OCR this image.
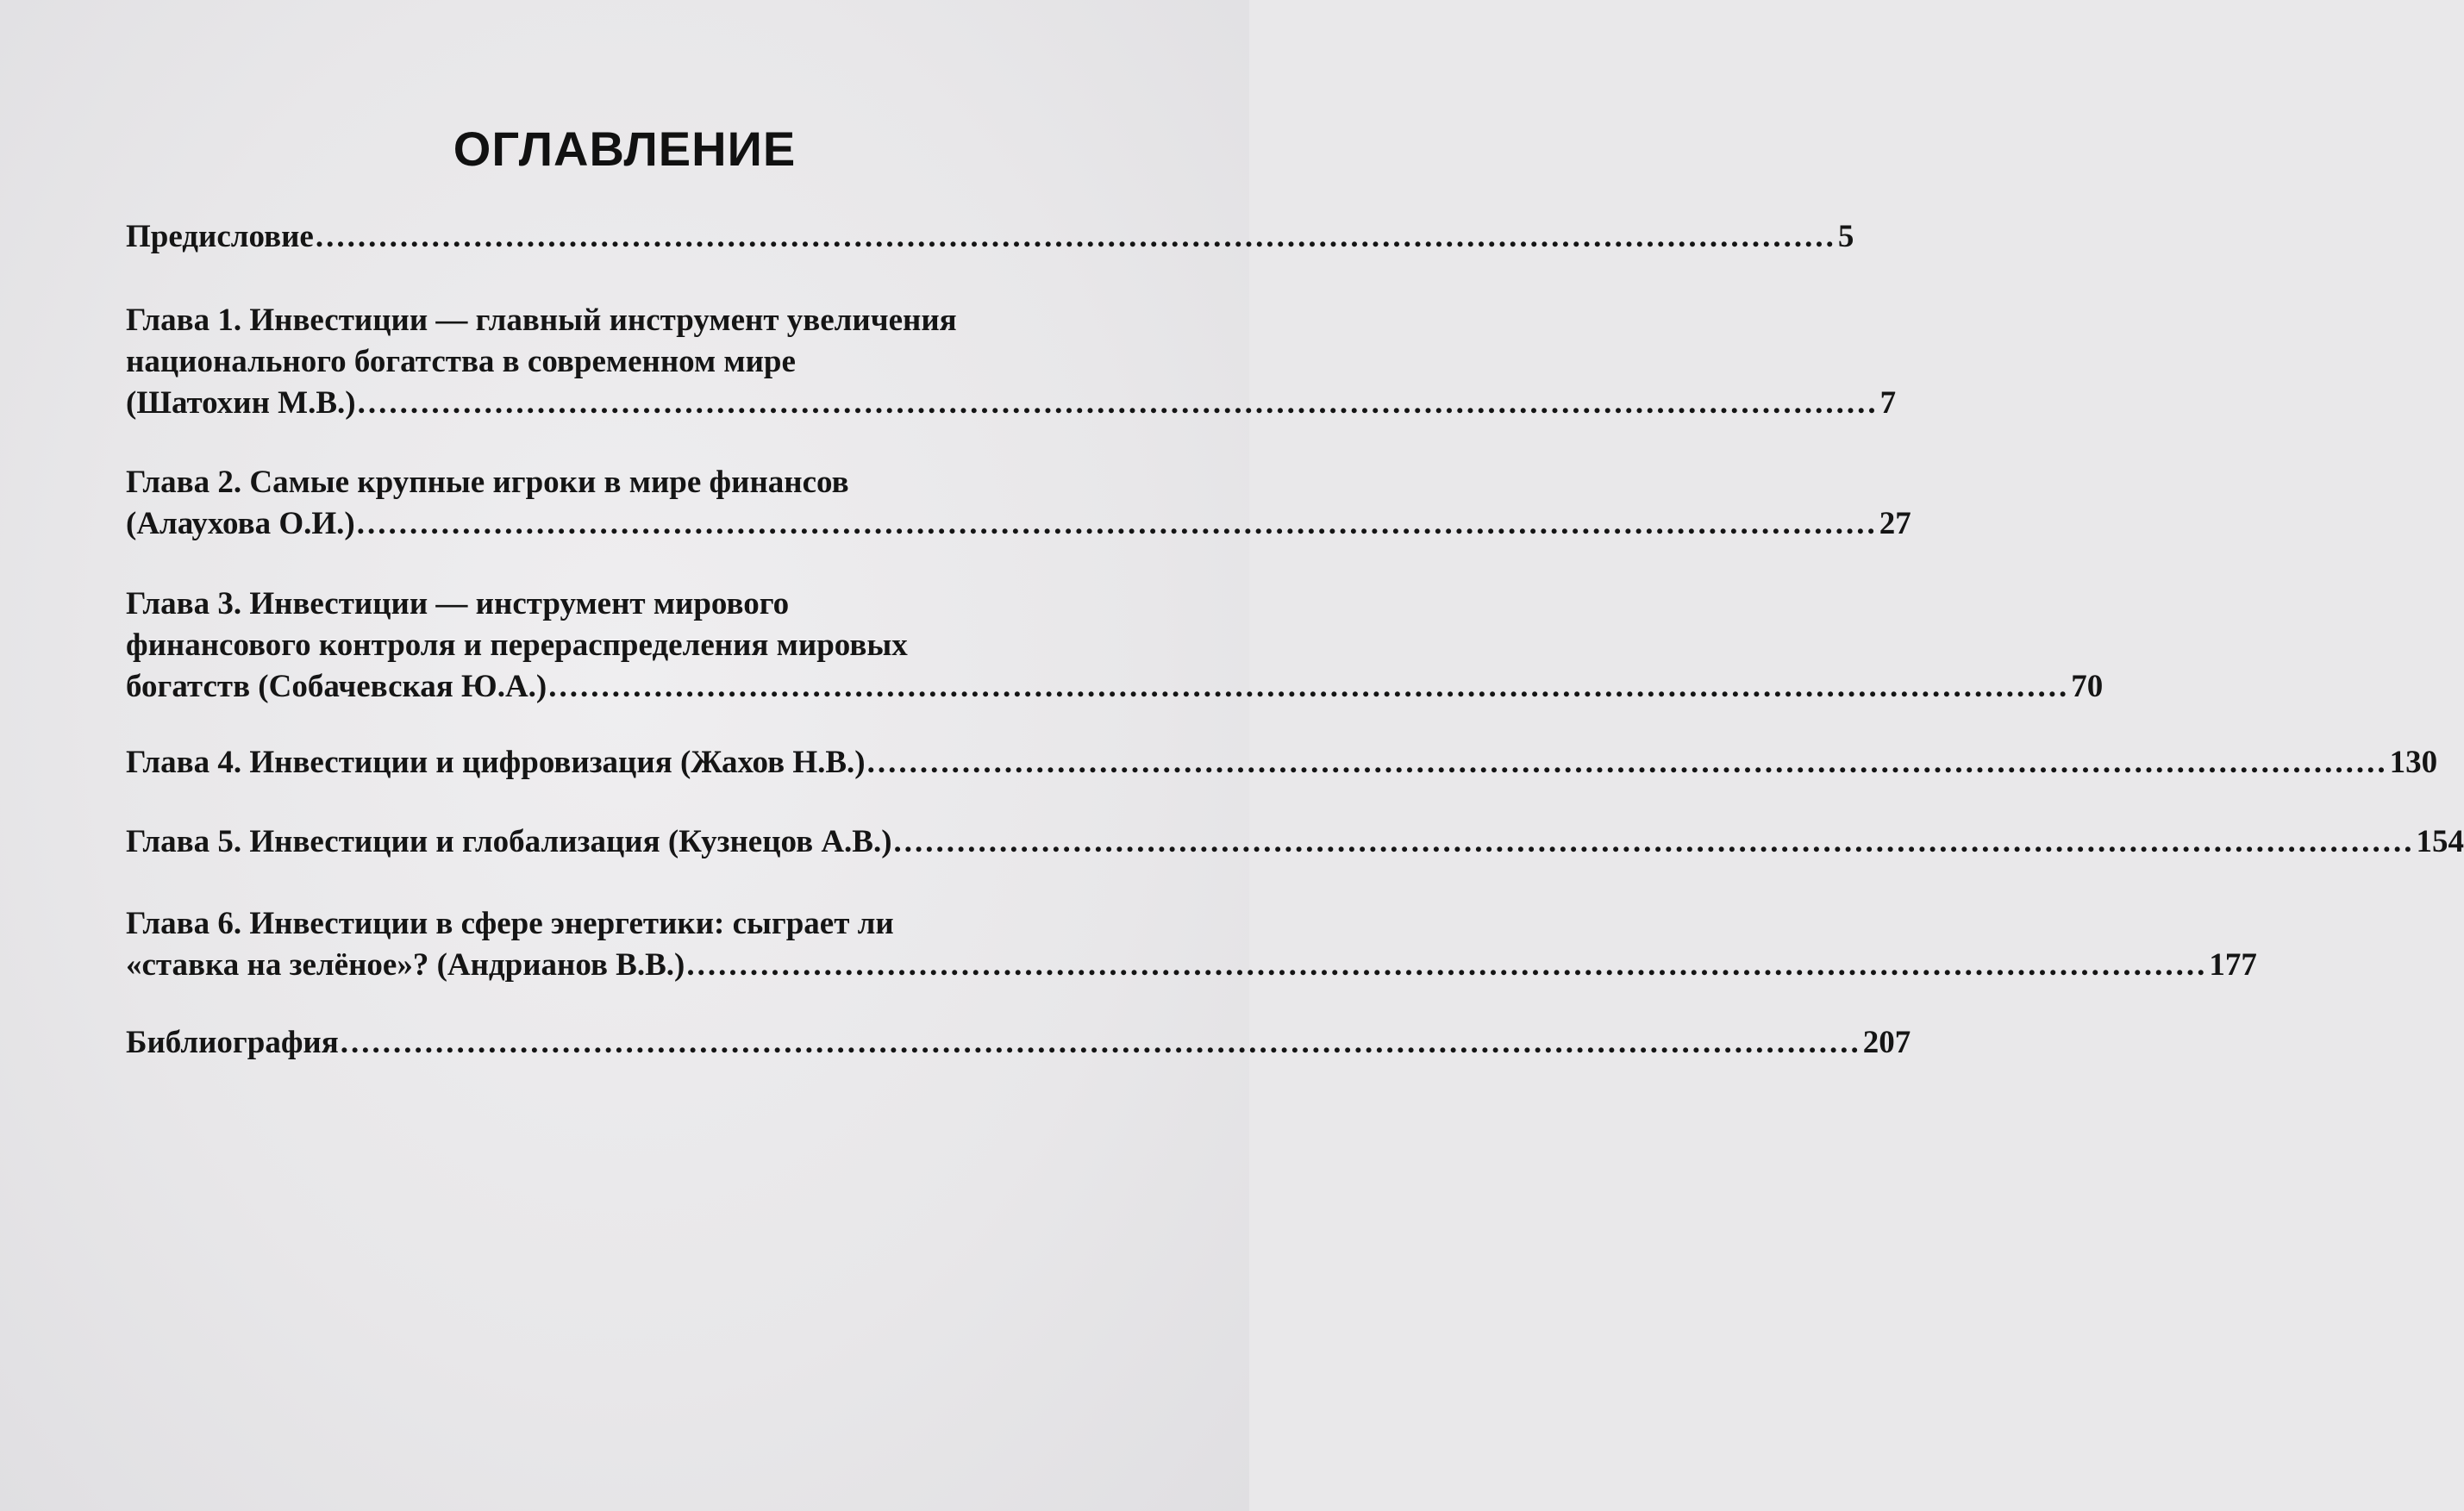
ОГЛАВЛЕНИЕ
Предисловие ................................................................................................................................................ 5
Глава 1. Инвестиции — главный инструмент увеличения
национального богатства в современном мире
(Шатохин М.В.) ................................................................................................................................................ 7
Глава 2. Самые крупные игроки в мире финансов
(Алаухова О.И.) ................................................................................................................................................ 27
Глава 3. Инвестиции — инструмент мирового
финансового контроля и перераспределения мировых
богатств (Собачевская Ю.А.) ................................................................................................................................................ 70
Глава 4. Инвестиции и цифровизация (Жахов Н.В.) ................................................................................................................................................ 130
Глава 5. Инвестиции и глобализация (Кузнецов А.В.) ................................................................................................................................................ 154
Глава 6. Инвестиции в сфере энергетики: сыграет ли
«ставка на зелёное»? (Андрианов В.В.) ................................................................................................................................................ 177
Библиография ................................................................................................................................................ 207
